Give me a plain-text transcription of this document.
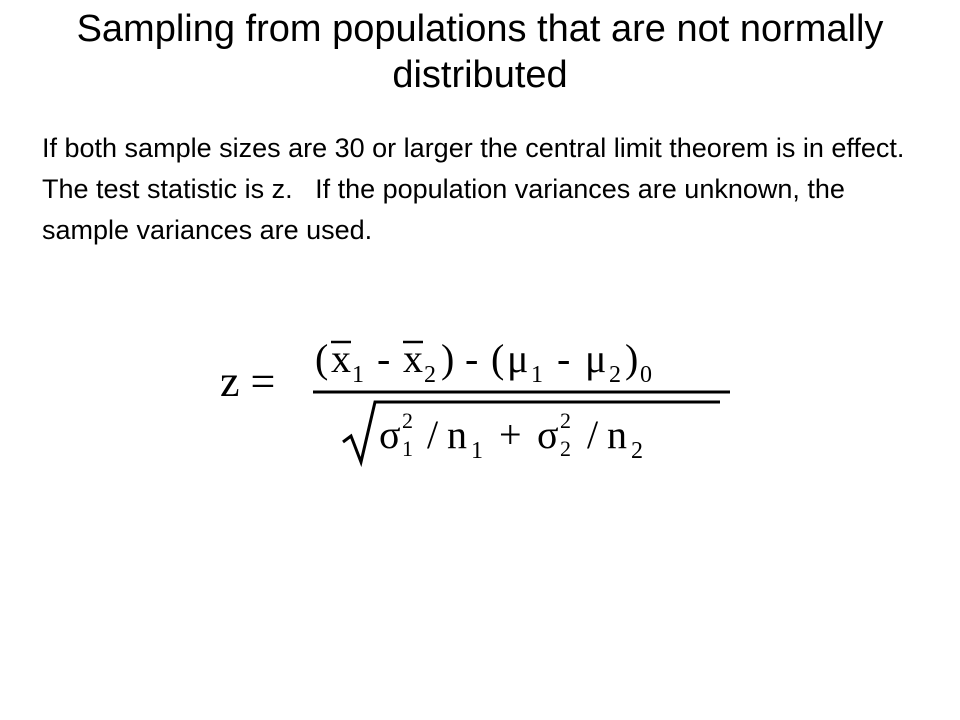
Sampling from populations that are not normally distributed

If both sample sizes are 30 or larger the central limit theorem is in effect.  The test statistic is z.   If the population variances are unknown, the sample variances are used.

z = ( x 1 - x 2 ) - ( μ 1 - μ 2 ) 0
σ 2
1 / n 1 + σ 2
2 / n 2
